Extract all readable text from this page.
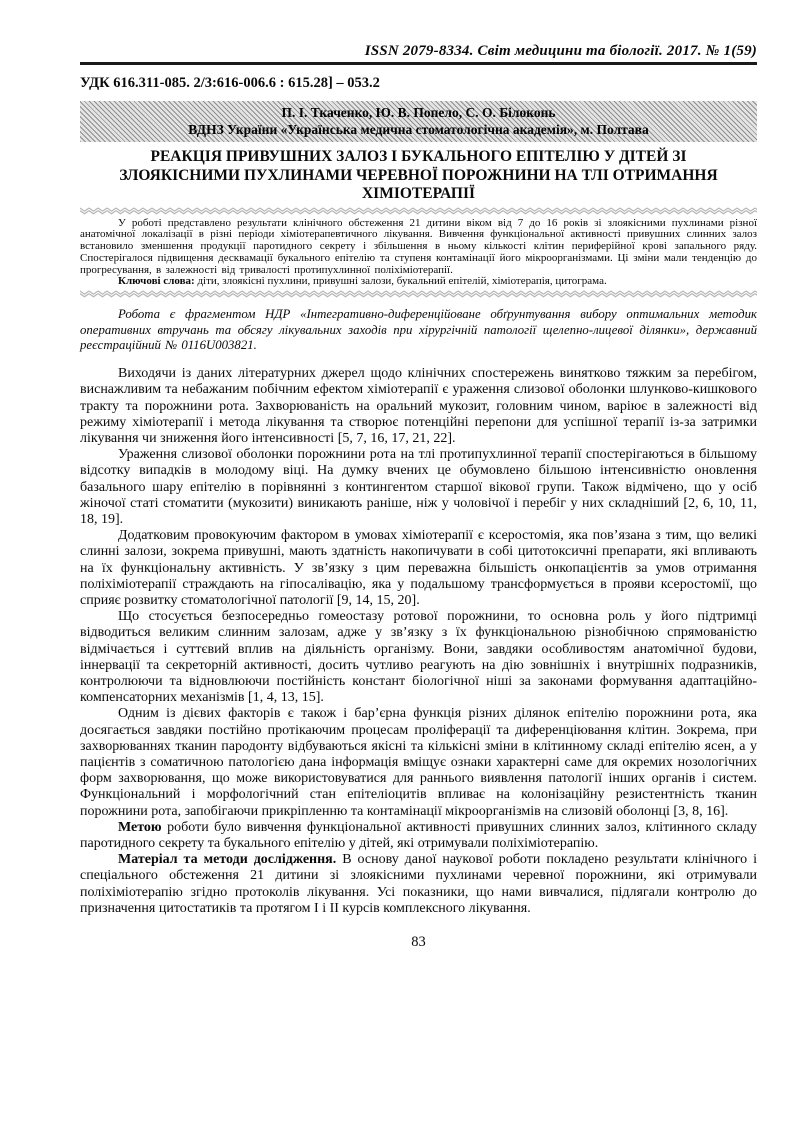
ISSN 2079-8334. Світ медицини та біології. 2017. № 1(59)
УДК 616.311-085. 2/3:616-006.6 : 615.28] – 053.2
П. І. Ткаченко, Ю. В. Попело, С. О. Білоконь
ВДНЗ України «Українська медична стоматологічна академія», м. Полтава
РЕАКЦІЯ ПРИВУШНИХ ЗАЛОЗ І БУКАЛЬНОГО ЕПІТЕЛІЮ У ДІТЕЙ ЗІ ЗЛОЯКІСНИМИ ПУХЛИНАМИ ЧЕРЕВНОЇ ПОРОЖНИНИ НА ТЛІ ОТРИМАННЯ ХІМІОТЕРАПІЇ
У роботі представлено результати клінічного обстеження 21 дитини віком від 7 до 16 років зі злоякісними пухлинами різної анатомічної локалізації в різні періоди хіміотерапевтичного лікування. Вивчення функціональної активності привушних слинних залоз встановило зменшення продукції паротидного секрету і збільшення в ньому кількості клітин периферійної крові запального ряду. Спостерігалося підвищення десквамації букального епітелію та ступеня контамінації його мікроорганізмами. Ці зміни мали тенденцію до прогресування, в залежності від тривалості протипухлинної поліхіміотерапії.
Ключові слова: діти, злоякісні пухлини, привушні залози, букальний епітелій, хіміотерапія, цитограма.
Робота є фрагментом НДР «Інтегративно-диференційоване обґрунтування вибору оптимальних методик оперативних втручань та обсягу лікувальних заходів при хірургічній патології щелепно-лицевої ділянки», державний реєстраційний № 0116U003821.

Виходячи із даних літературних джерел щодо клінічних спостережень винятково тяжким за перебігом, виснажливим та небажаним побічним ефектом хіміотерапії є ураження слизової оболонки шлунково-кишкового тракту та порожнини рота. Захворюваність на оральний мукозит, головним чином, варіює в залежності від режиму хіміотерапії і метода лікування та створює потенційні перепони для успішної терапії із-за затримки лікування чи зниження його інтенсивності [5, 7, 16, 17, 21, 22].

Ураження слизової оболонки порожнини рота на тлі протипухлинної терапії спостерігаються в більшому відсотку випадків в молодому віці. На думку вчених це обумовлено більшою інтенсивністю оновлення базального шару епітелію в порівнянні з контингентом старшої вікової групи. Також відмічено, що у осіб жіночої статі стоматити (мукозити) виникають раніше, ніж у чоловічої і перебіг у них складніший [2, 6, 10, 11, 18, 19].

Додатковим провокуючим фактором в умовах хіміотерапії є ксеростомія, яка пов’язана з тим, що великі слинні залози, зокрема привушні, мають здатність накопичувати в собі цитотоксичні препарати, які впливають на їх функціональну активність. У зв’язку з цим переважна більшість онкопацієнтів за умов отримання поліхіміотерапії страждають на гіпосалівацію, яка у подальшому трансформується в прояви ксеростомії, що сприяє розвитку стоматологічної патології [9, 14, 15, 20].

Що стосується безпосередньо гомеостазу ротової порожнини, то основна роль у його підтримці відводиться великим слинним залозам, адже у зв’язку з їх функціональною різнобічною спрямованістю відмічається і суттєвий вплив на діяльність організму. Вони, завдяки особливостям анатомічної будови, іннервації та секреторній активності, досить чутливо реагують на дію зовнішніх і внутрішніх подразників, контролюючи та відновлюючи постійність констант біологічної ніші за законами формування адаптаційно-компенсаторних механізмів [1, 4, 13, 15].

Одним із дієвих факторів є також і бар’єрна функція різних ділянок епітелію порожнини рота, яка досягається завдяки постійно протікаючим процесам проліферації та диференціювання клітин. Зокрема, при захворюваннях тканин пародонту відбуваються якісні та кількісні зміни в клітинному складі епітелію ясен, а у пацієнтів з соматичною патологією дана інформація вміщує ознаки характерні саме для окремих нозологічних форм захворювання, що може використовуватися для раннього виявлення патології інших органів і систем. Функціональний і морфологічний стан епітеліоцитів впливає на колонізаційну резистентність тканин порожнини рота, запобігаючи прикріпленню та контамінації мікроорганізмів на слизовій оболонці [3, 8, 16].

Метою роботи було вивчення функціональної активності привушних слинних залоз, клітинного складу паротидного секрету та букального епітелію у дітей, які отримували поліхіміотерапію.

Матеріал та методи дослідження. В основу даної наукової роботи покладено результати клінічного і спеціального обстеження 21 дитини зі злоякісними пухлинами черевної порожнини, які отримували поліхіміотерапію згідно протоколів лікування. Усі показники, що нами вивчалися, підлягали контролю до призначення цитостатиків та протягом І і ІІ курсів комплексного лікування.

83
